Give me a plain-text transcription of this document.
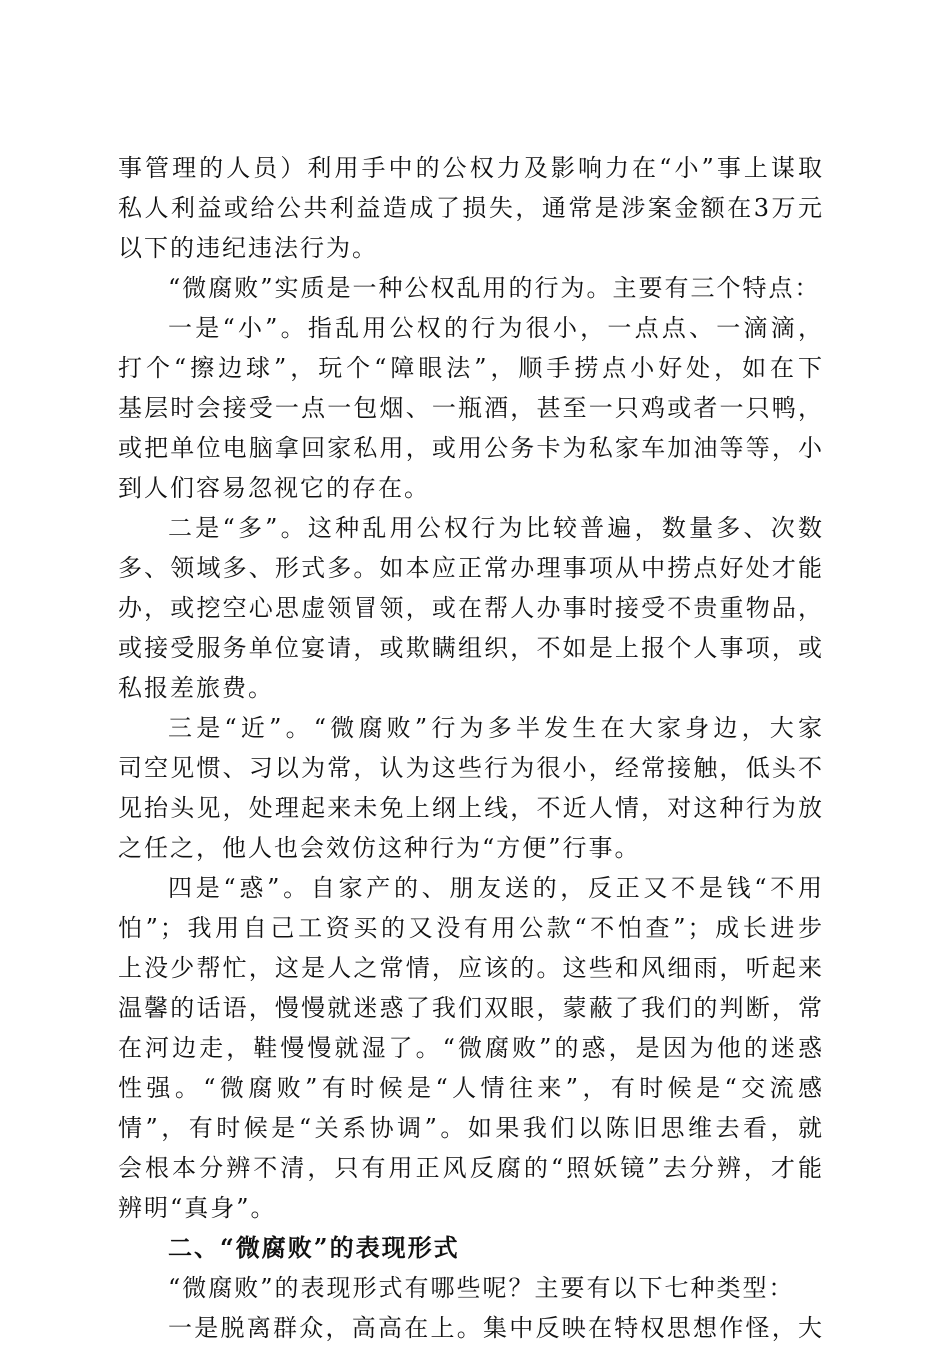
事管理的人员）利用手中的公权力及影响力在“小”事上谋取
私人利益或给公共利益造成了损失，通常是涉案金额在3万元
以下的违纪违法行为。
“微腐败”实质是一种公权乱用的行为。主要有三个特点：
一是“小”。指乱用公权的行为很小，一点点、一滴滴，
打个“擦边球”，玩个“障眼法”，顺手捞点小好处，如在下
基层时会接受一点一包烟、一瓶酒，甚至一只鸡或者一只鸭，
或把单位电脑拿回家私用，或用公务卡为私家车加油等等，小
到人们容易忽视它的存在。
二是“多”。这种乱用公权行为比较普遍，数量多、次数
多、领域多、形式多。如本应正常办理事项从中捞点好处才能
办，或挖空心思虚领冒领，或在帮人办事时接受不贵重物品，
或接受服务单位宴请，或欺瞒组织，不如是上报个人事项，或
私报差旅费。
三是“近”。“微腐败”行为多半发生在大家身边，大家
司空见惯、习以为常，认为这些行为很小，经常接触，低头不
见抬头见，处理起来未免上纲上线，不近人情，对这种行为放
之任之，他人也会效仿这种行为“方便”行事。
四是“惑”。自家产的、朋友送的，反正又不是钱“不用
怕”；我用自己工资买的又没有用公款“不怕查”；成长进步
上没少帮忙，这是人之常情，应该的。这些和风细雨，听起来
温馨的话语，慢慢就迷惑了我们双眼，蒙蔽了我们的判断，常
在河边走，鞋慢慢就湿了。“微腐败”的惑，是因为他的迷惑
性强。“微腐败”有时候是“人情往来”，有时候是“交流感
情”，有时候是“关系协调”。如果我们以陈旧思维去看，就
会根本分辨不清，只有用正风反腐的“照妖镜”去分辨，才能
辨明“真身”。
二、“微腐败”的表现形式
“微腐败”的表现形式有哪些呢？主要有以下七种类型：
一是脱离群众，高高在上。集中反映在特权思想作怪，大
